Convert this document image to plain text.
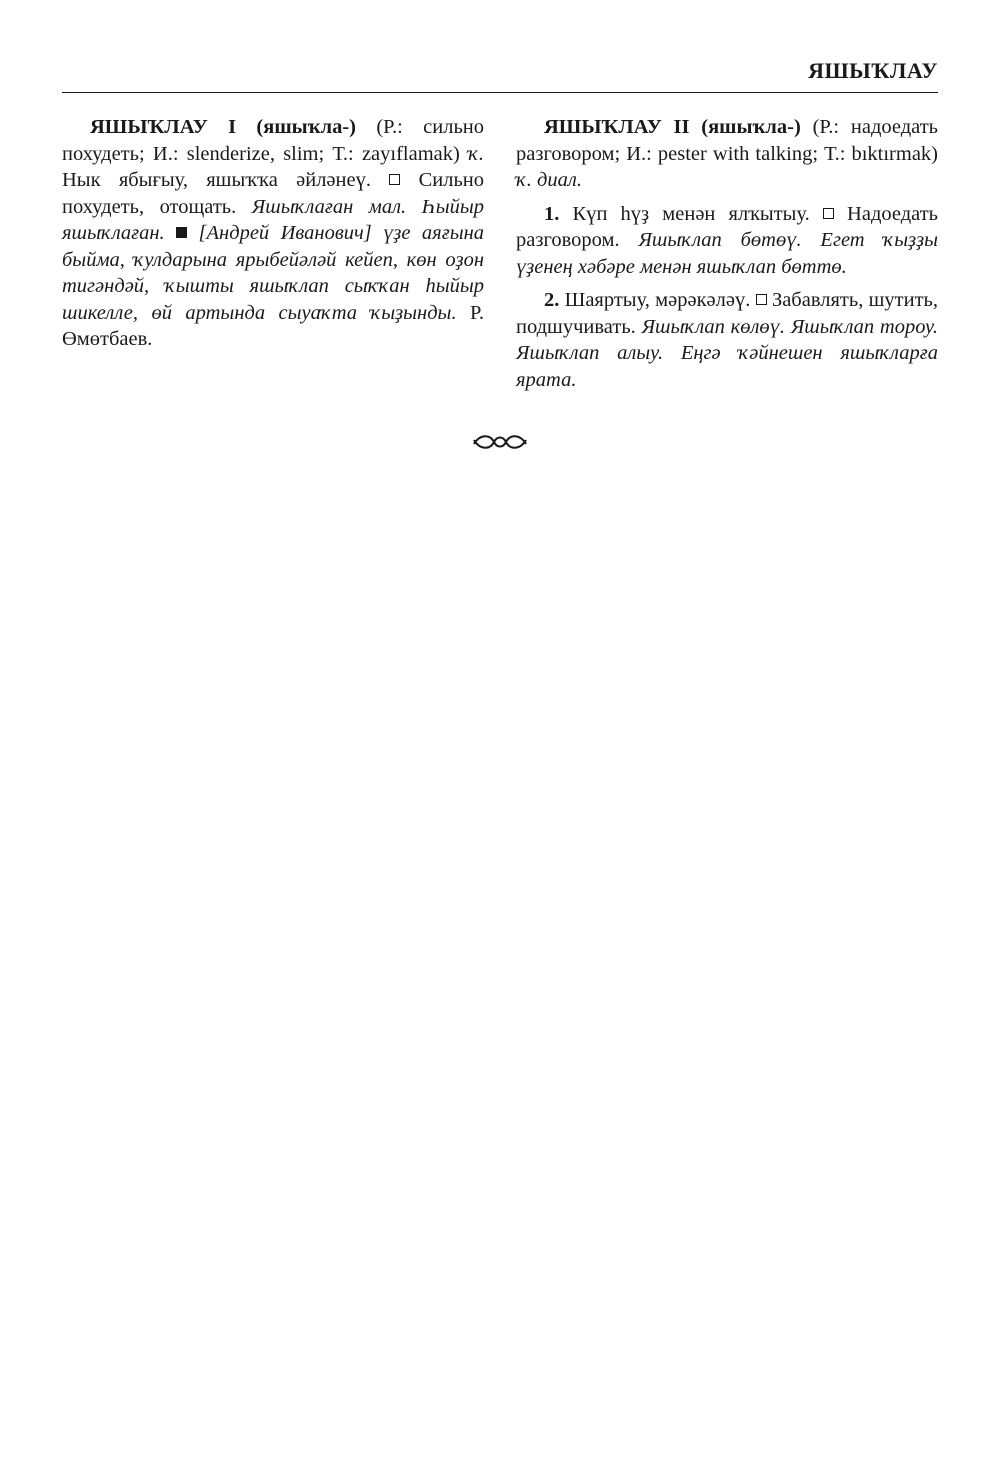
ЯШЫҠЛАУ

ЯШЫҠЛАУ I (яшыҡла-) (Р.: сильно похудеть; И.: slenderize, slim; Т.: zayıflamak) ҡ. Нык ябығыу, яшыҡҡа әйләнеү. Сильно похудеть, отощать. Яшыҡлаған мал. Һыйыр яшыҡлаған. [Андрей Иванович] үҙе аяғына быйма, ҡулдарына ярыбейәләй кейеп, көн оҙон тигәндәй, ҡышты яшыҡлап сыҡҡан һыйыр шикелле, өй артында сыуаҡта ҡыҙынды. Р. Өмөтбаев.

ЯШЫҠЛАУ II (яшыҡла-) (Р.: надоедать разговором; И.: pester with talking; Т.: bıktırmak) ҡ. диал.

1. Күп һүҙ менән ялҡытыу. Надоедать разговором. Яшыҡлап бөтөү. Егет ҡыҙҙы үҙенең хәбәре менән яшыҡлап бөттө.

2. Шаяртыу, мәрәкәләү. Забавлять, шутить, подшучивать. Яшыҡлап көлөү. Яшыҡлап тороу. Яшыҡлап алыу. Еңгә ҡәйнешен яшыҡларға ярата.
